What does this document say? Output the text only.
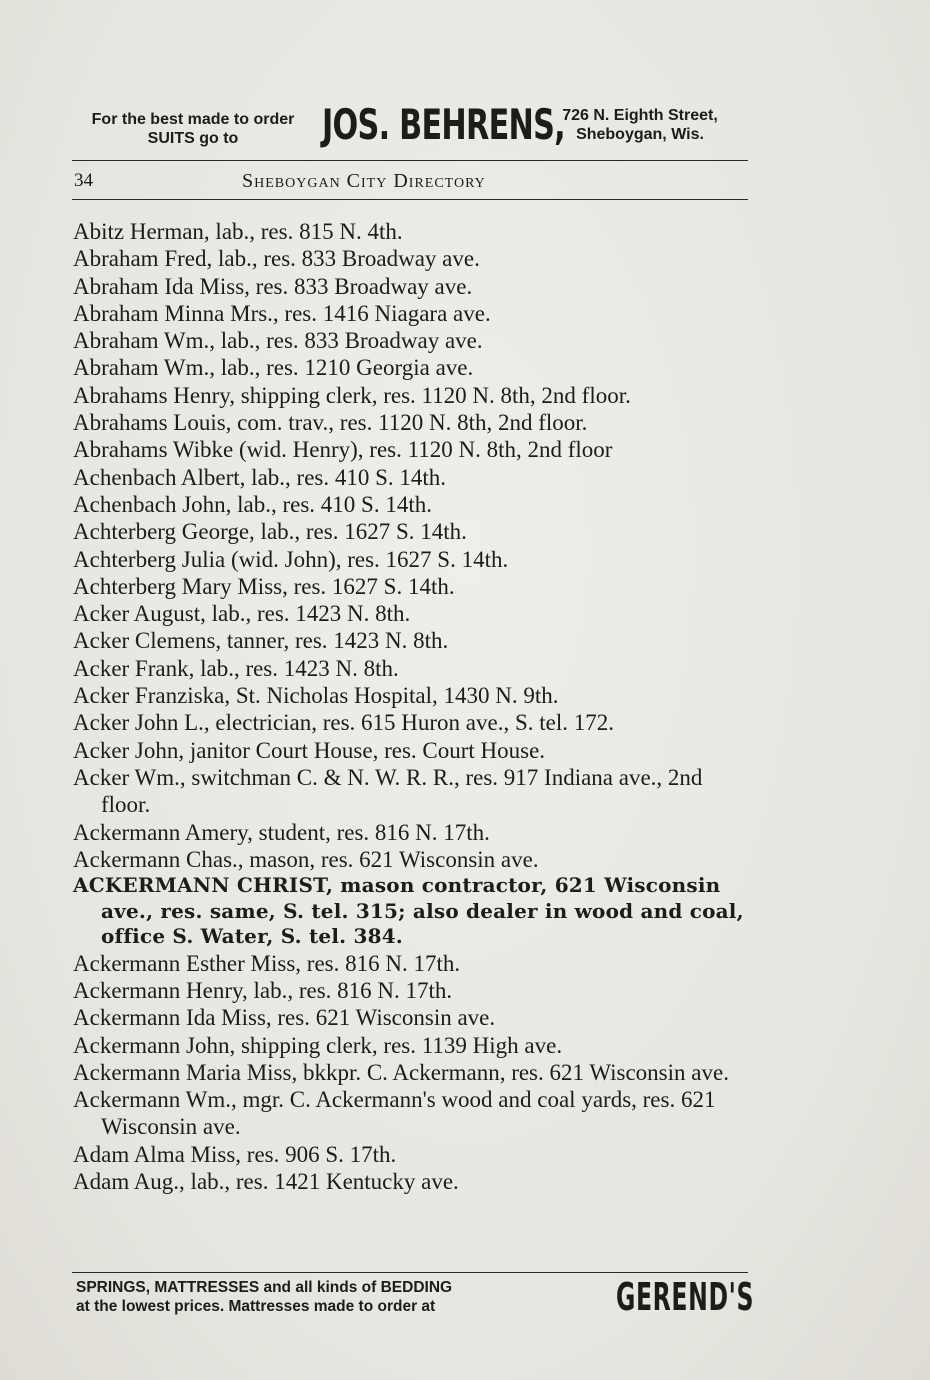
For the best made to order SUITS go to	JOS. BEHRENS,
726 N. Eighth Street,
Sheboygan, Wis.
34	Sheboygan City Directory
Abitz Herman, lab., res. 815 N. 4th.
Abraham Fred, lab., res. 833 Broadway ave.
Abraham Ida Miss, res. 833 Broadway ave.
Abraham Minna Mrs., res. 1416 Niagara ave.
Abraham Wm., lab., res. 833 Broadway ave.
Abraham Wm., lab., res. 1210 Georgia ave.
Abrahams Henry, shipping clerk, res. 1120 N. 8th, 2nd floor.
Abrahams Louis, com. trav., res. 1120 N. 8th, 2nd floor.
Abrahams Wibke (wid. Henry), res. 1120 N. 8th, 2nd floor
Achenbach Albert, lab., res. 410 S. 14th.
Achenbach John, lab., res. 410 S. 14th.
Achterberg George, lab., res. 1627 S. 14th.
Achterberg Julia (wid. John), res. 1627 S. 14th.
Achterberg Mary Miss, res. 1627 S. 14th.
Acker August, lab., res. 1423 N. 8th.
Acker Clemens, tanner, res. 1423 N. 8th.
Acker Frank, lab., res. 1423 N. 8th.
Acker Franziska, St. Nicholas Hospital, 1430 N. 9th.
Acker John L., electrician, res. 615 Huron ave., S. tel. 172.
Acker John, janitor Court House, res. Court House.
Acker Wm., switchman C. & N. W. R. R., res. 917 Indiana ave., 2nd floor.
Ackermann Amery, student, res. 816 N. 17th.
Ackermann Chas., mason, res. 621 Wisconsin ave.
ACKERMANN CHRIST, mason contractor, 621 Wisconsin ave., res. same, S. tel. 315; also dealer in wood and coal, office S. Water, S. tel. 384.
Ackermann Esther Miss, res. 816 N. 17th.
Ackermann Henry, lab., res. 816 N. 17th.
Ackermann Ida Miss, res. 621 Wisconsin ave.
Ackermann John, shipping clerk, res. 1139 High ave.
Ackermann Maria Miss, bkkpr. C. Ackermann, res. 621 Wisconsin ave.
Ackermann Wm., mgr. C. Ackermann's wood and coal yards, res. 621 Wisconsin ave.
Adam Alma Miss, res. 906 S. 17th.
Adam Aug., lab., res. 1421 Kentucky ave.
SPRINGS, MATTRESSES and all kinds of BEDDING
at the lowest prices. Mattresses made to order at	GEREND'S
